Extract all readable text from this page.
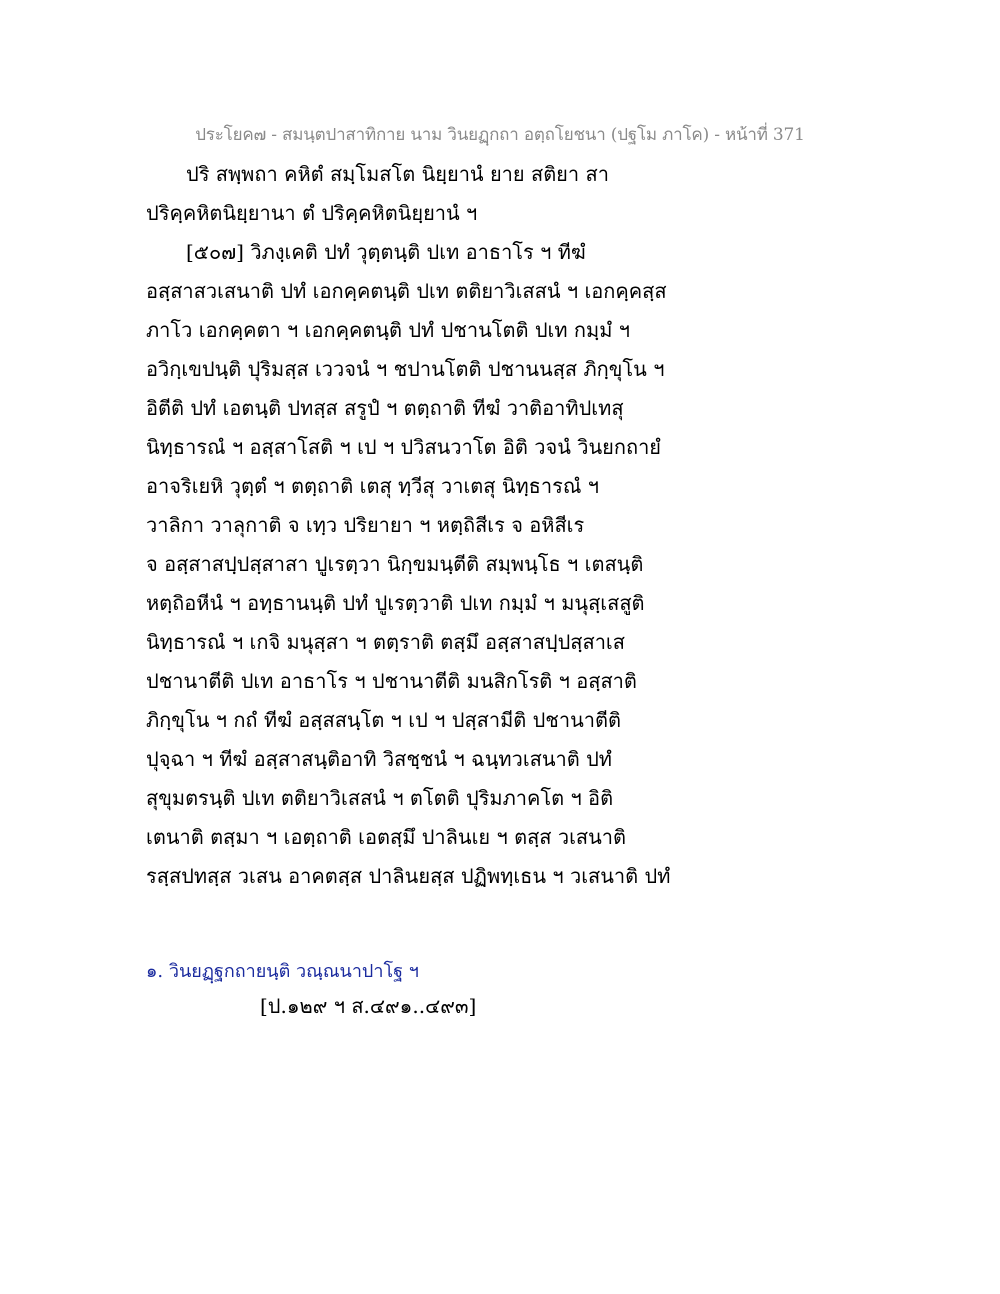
ประโยค๗ - สมนฺตปาสาทิกาย นาม วินยฏฺกถา อตฺถโยชนา (ปฐโม ภาโค) - หน้าที่ 371
ปริ สพฺพถา คหิตํ สมฺโมสโต นิยฺยานํ ยาย สติยา สา
ปริคฺคหิตนิยฺยานา ตํ ปริคฺคหิตนิยฺยานํ ฯ
[๕๐๗] วิภงฺเคติ ปทํ วุตฺตนฺติ ปเท อาธาโร ฯ ทีฆํ
อสฺสาสวเสนาติ ปทํ เอกคฺคตนฺติ ปเท ตติยาวิเสสนํ ฯ เอกคฺคสฺส
ภาโว เอกคฺคตา ฯ เอกคฺคตนฺติ ปทํ ปชานโตติ ปเท กมฺมํ ฯ
อวิกฺเขปนฺติ ปุริมสฺส เววจนํ ฯ ชปานโตติ ปชานนสฺส ภิกฺขุโน ฯ
อิตีติ ปทํ เอตนฺติ ปทสฺส สรูปํ ฯ ตตฺถาติ ทีฆํ วาติอาทิปเทสุ
นิทฺธารณํ ฯ อสฺสาโสติ ฯ เป ฯ ปวิสนวาโต อิติ วจนํ วินยกถายํ
อาจริเยหิ วุตฺตํ ฯ ตตฺถาติ เตสุ ทฺวีสุ วาเตสุ นิทฺธารณํ ฯ
วาลิกา วาลุกาติ จ เทฺว ปริยายา ฯ หตฺถิสีเร จ อหิสีเร
จ อสฺสาสปฺปสฺสาสา ปูเรตฺวา นิกฺขมนฺตีติ สมฺพนฺโธ ฯ เตสนฺติ
หตฺถิอหีนํ ฯ อทฺธานนฺติ ปทํ ปูเรตฺวาติ ปเท กมฺมํ ฯ มนุสฺเสสูติ
นิทฺธารณํ ฯ เกจิ มนุสฺสา ฯ ตตฺราติ ตสฺมึ อสฺสาสปฺปสฺสาเส
ปชานาตีติ ปเท อาธาโร ฯ ปชานาตีติ มนสิกโรติ ฯ อสฺสาติ
ภิกฺขุโน ฯ กถํ ทีฆํ อสฺสสนฺโต ฯ เป ฯ ปสฺสามีติ ปชานาตีติ
ปุจฺฉา ฯ ทีฆํ อสฺสาสนฺติอาทิ วิสชฺชนํ ฯ ฉนฺทวเสนาติ ปทํ
สุขุมตรนฺติ ปเท ตติยาวิเสสนํ ฯ ตโตติ ปุริมภาคโต ฯ อิติ
เตนาติ ตสฺมา ฯ เอตฺถาติ เอตสฺมึ ปาลินเย ฯ ตสฺส วเสนาติ
รสฺสปทสฺส วเสน อาคตสฺส ปาลินยสฺส ปฏิพทฺเธน ฯ วเสนาติ ปทํ
๑. วินยฏฺฐกถายนฺติ วณฺณนาปาโฐ ฯ
[ป.๑๒๙ ฯ ส.๔๙๑..๔๙๓]
